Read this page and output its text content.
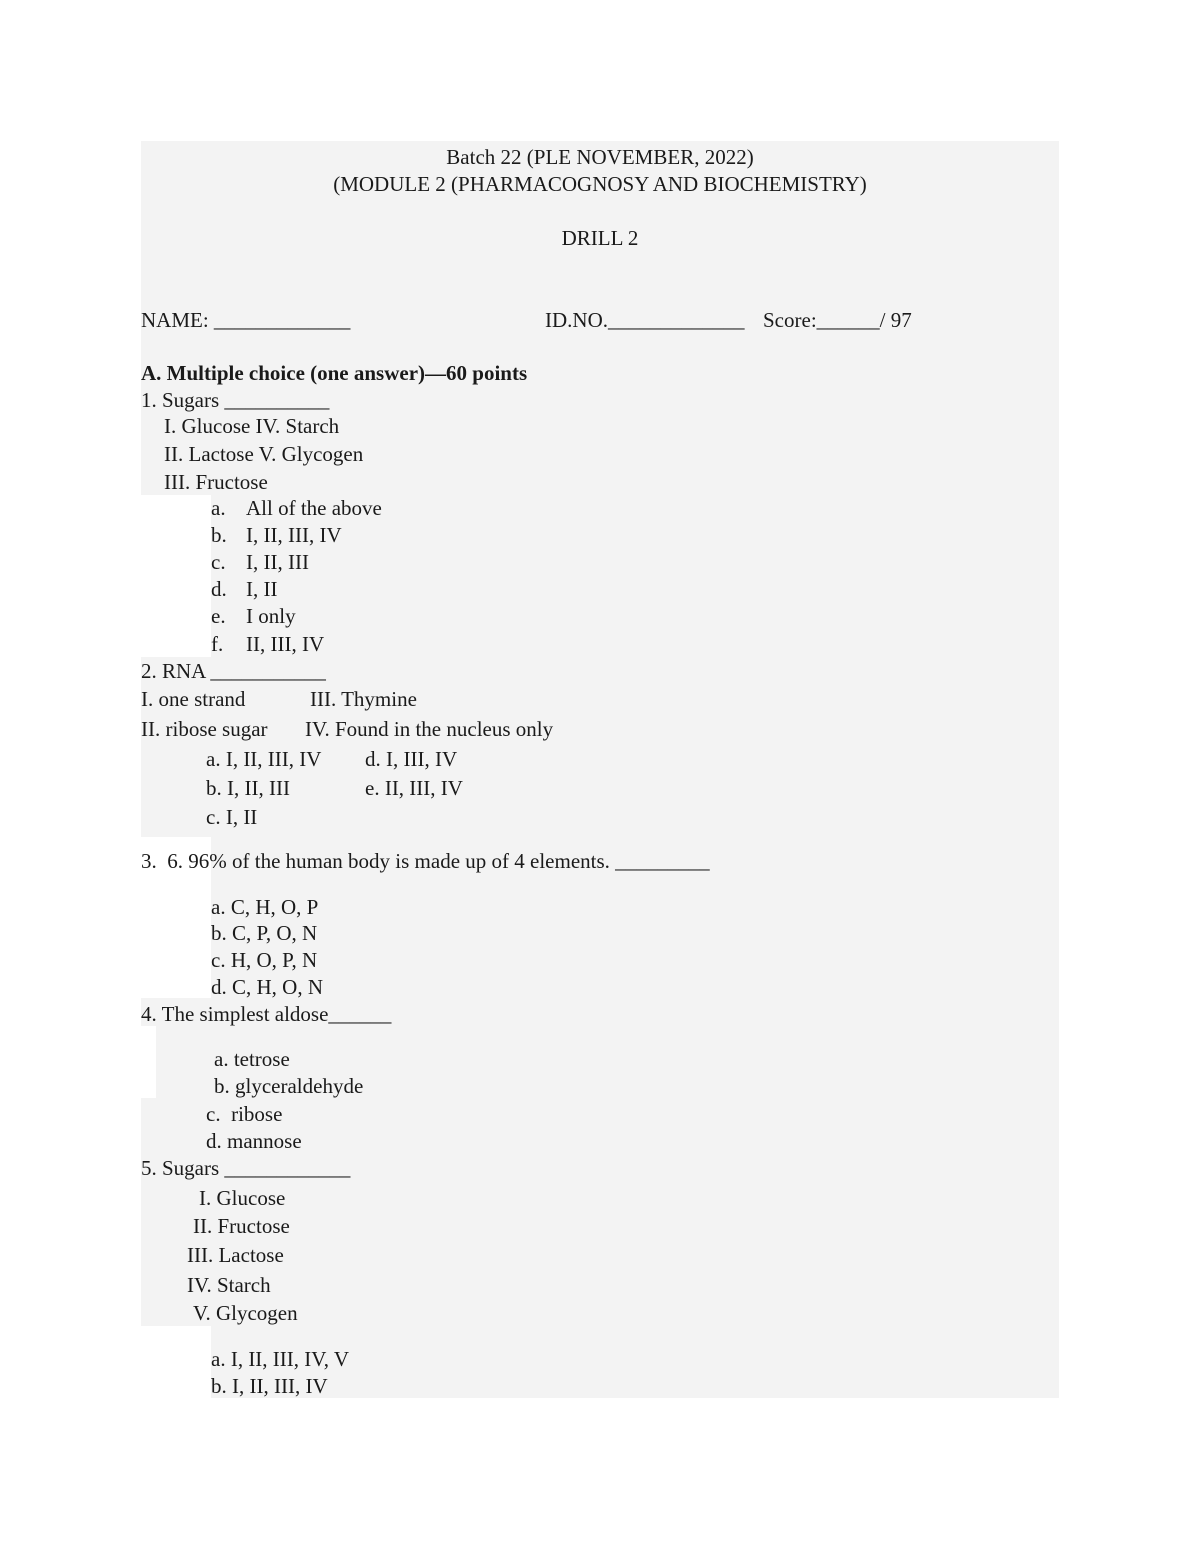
Batch 22 (PLE NOVEMBER, 2022)
(MODULE 2 (PHARMACOGNOSY AND BIOCHEMISTRY)
DRILL 2
NAME: _____________	ID.NO._____________ Score:______/ 97
A. Multiple choice (one answer)––60 points
1. Sugars __________
I. Glucose IV. Starch
II. Lactose V. Glycogen
III. Fructose
a. All of the above
b. I, II, III, IV
c. I, II, III
d. I, II
e. I only
f. II, III, IV
2. RNA ___________
I. one strand	III. Thymine
II. ribose sugar IV. Found in the nucleus only
a. I, II, III, IV d. I, III, IV
b. I, II, III	e. II, III, IV
c. I, II
3.  6. 96% of the human body is made up of 4 elements. _________
a. C, H, O, P
b. C, P, O, N
c. H, O, P, N
d. C, H, O, N
4. The simplest aldose______
a. tetrose
b. glyceraldehyde
c.  ribose
d. mannose
5. Sugars ____________
I. Glucose
II. Fructose
III. Lactose
IV. Starch
V. Glycogen
a. I, II, III, IV, V
b. I, II, III, IV
